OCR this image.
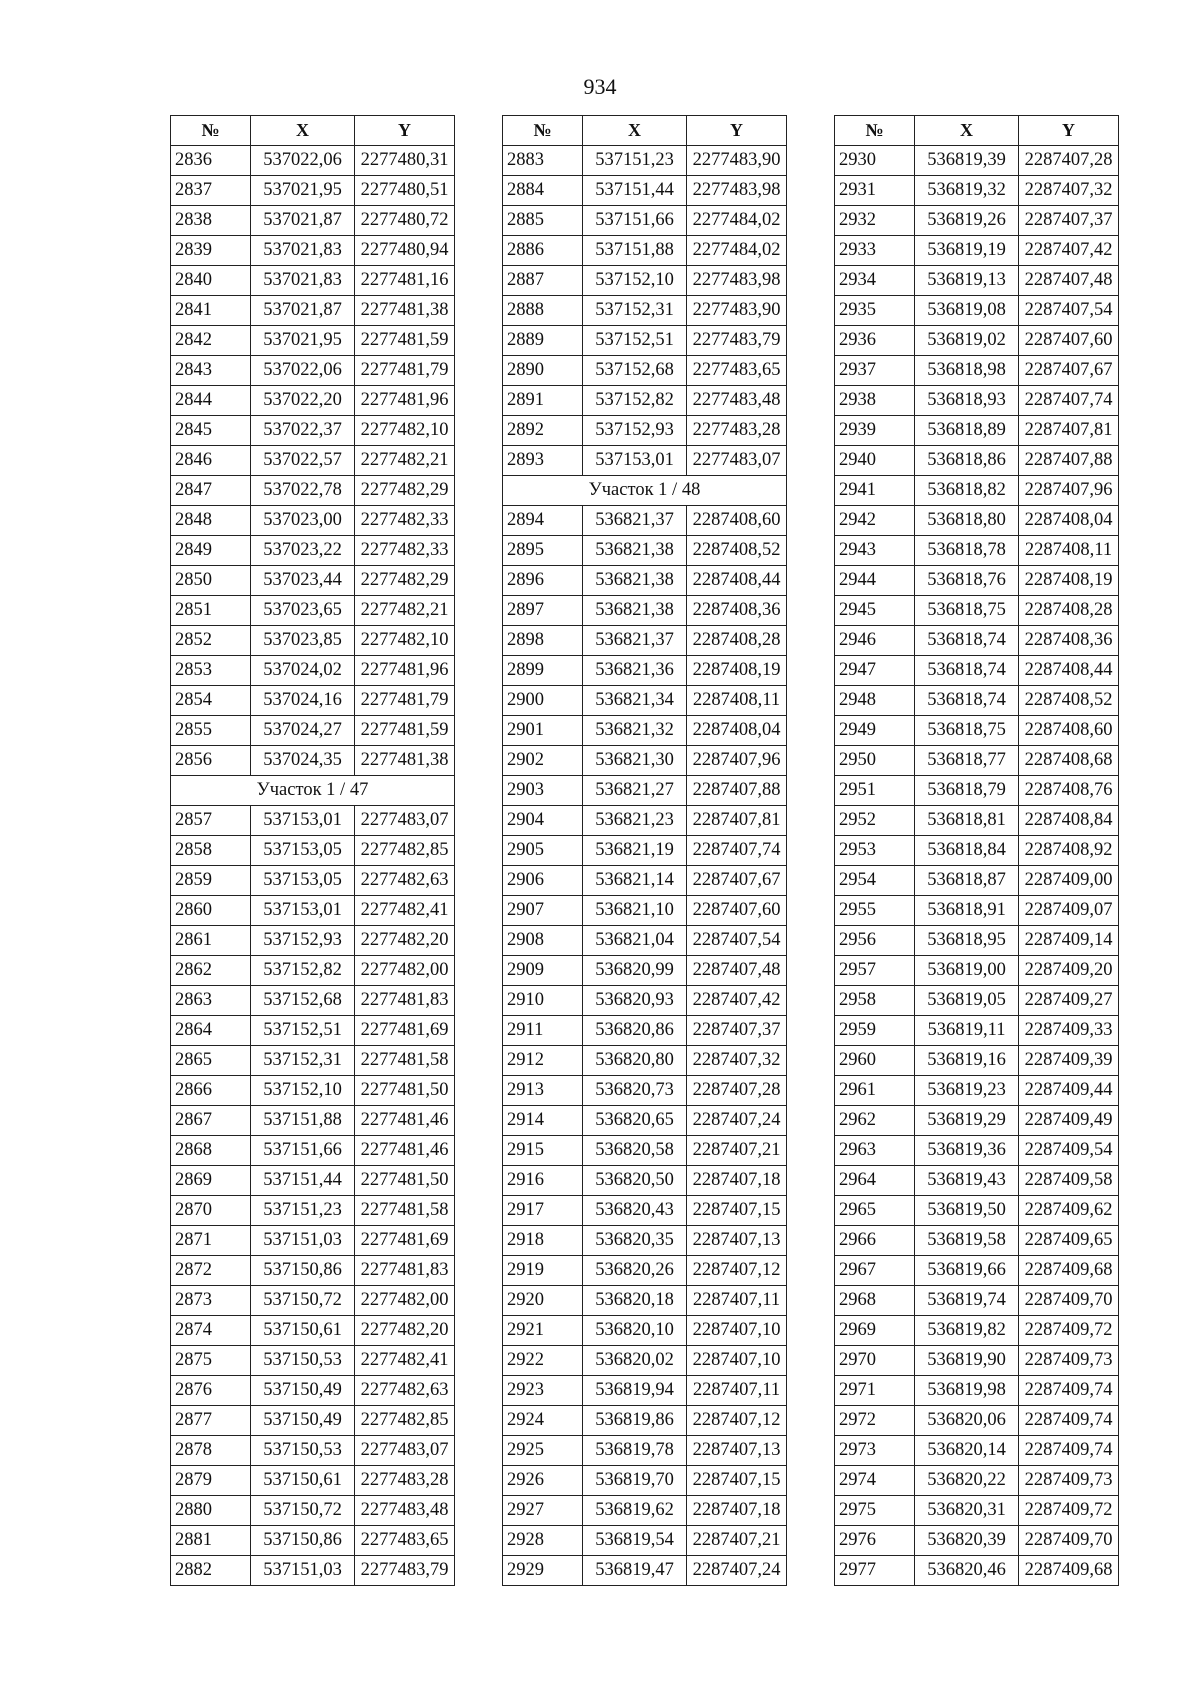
934
№	X	Y
2836	537022,06	2277480,31
2837	537021,95	2277480,51
2838	537021,87	2277480,72
2839	537021,83	2277480,94
2840	537021,83	2277481,16
2841	537021,87	2277481,38
2842	537021,95	2277481,59
2843	537022,06	2277481,79
2844	537022,20	2277481,96
2845	537022,37	2277482,10
2846	537022,57	2277482,21
2847	537022,78	2277482,29
2848	537023,00	2277482,33
2849	537023,22	2277482,33
2850	537023,44	2277482,29
2851	537023,65	2277482,21
2852	537023,85	2277482,10
2853	537024,02	2277481,96
2854	537024,16	2277481,79
2855	537024,27	2277481,59
2856	537024,35	2277481,38
Участок 1 / 47		
2857	537153,01	2277483,07
2858	537153,05	2277482,85
2859	537153,05	2277482,63
2860	537153,01	2277482,41
2861	537152,93	2277482,20
2862	537152,82	2277482,00
2863	537152,68	2277481,83
2864	537152,51	2277481,69
2865	537152,31	2277481,58
2866	537152,10	2277481,50
2867	537151,88	2277481,46
2868	537151,66	2277481,46
2869	537151,44	2277481,50
2870	537151,23	2277481,58
2871	537151,03	2277481,69
2872	537150,86	2277481,83
2873	537150,72	2277482,00
2874	537150,61	2277482,20
2875	537150,53	2277482,41
2876	537150,49	2277482,63
2877	537150,49	2277482,85
2878	537150,53	2277483,07
2879	537150,61	2277483,28
2880	537150,72	2277483,48
2881	537150,86	2277483,65
2882	537151,03	2277483,79
№	X	Y
2883	537151,23	2277483,90
2884	537151,44	2277483,98
2885	537151,66	2277484,02
2886	537151,88	2277484,02
2887	537152,10	2277483,98
2888	537152,31	2277483,90
2889	537152,51	2277483,79
2890	537152,68	2277483,65
2891	537152,82	2277483,48
2892	537152,93	2277483,28
2893	537153,01	2277483,07
Участок 1 / 48		
2894	536821,37	2287408,60
2895	536821,38	2287408,52
2896	536821,38	2287408,44
2897	536821,38	2287408,36
2898	536821,37	2287408,28
2899	536821,36	2287408,19
2900	536821,34	2287408,11
2901	536821,32	2287408,04
2902	536821,30	2287407,96
2903	536821,27	2287407,88
2904	536821,23	2287407,81
2905	536821,19	2287407,74
2906	536821,14	2287407,67
2907	536821,10	2287407,60
2908	536821,04	2287407,54
2909	536820,99	2287407,48
2910	536820,93	2287407,42
2911	536820,86	2287407,37
2912	536820,80	2287407,32
2913	536820,73	2287407,28
2914	536820,65	2287407,24
2915	536820,58	2287407,21
2916	536820,50	2287407,18
2917	536820,43	2287407,15
2918	536820,35	2287407,13
2919	536820,26	2287407,12
2920	536820,18	2287407,11
2921	536820,10	2287407,10
2922	536820,02	2287407,10
2923	536819,94	2287407,11
2924	536819,86	2287407,12
2925	536819,78	2287407,13
2926	536819,70	2287407,15
2927	536819,62	2287407,18
2928	536819,54	2287407,21
2929	536819,47	2287407,24
№	X	Y
2930	536819,39	2287407,28
2931	536819,32	2287407,32
2932	536819,26	2287407,37
2933	536819,19	2287407,42
2934	536819,13	2287407,48
2935	536819,08	2287407,54
2936	536819,02	2287407,60
2937	536818,98	2287407,67
2938	536818,93	2287407,74
2939	536818,89	2287407,81
2940	536818,86	2287407,88
2941	536818,82	2287407,96
2942	536818,80	2287408,04
2943	536818,78	2287408,11
2944	536818,76	2287408,19
2945	536818,75	2287408,28
2946	536818,74	2287408,36
2947	536818,74	2287408,44
2948	536818,74	2287408,52
2949	536818,75	2287408,60
2950	536818,77	2287408,68
2951	536818,79	2287408,76
2952	536818,81	2287408,84
2953	536818,84	2287408,92
2954	536818,87	2287409,00
2955	536818,91	2287409,07
2956	536818,95	2287409,14
2957	536819,00	2287409,20
2958	536819,05	2287409,27
2959	536819,11	2287409,33
2960	536819,16	2287409,39
2961	536819,23	2287409,44
2962	536819,29	2287409,49
2963	536819,36	2287409,54
2964	536819,43	2287409,58
2965	536819,50	2287409,62
2966	536819,58	2287409,65
2967	536819,66	2287409,68
2968	536819,74	2287409,70
2969	536819,82	2287409,72
2970	536819,90	2287409,73
2971	536819,98	2287409,74
2972	536820,06	2287409,74
2973	536820,14	2287409,74
2974	536820,22	2287409,73
2975	536820,31	2287409,72
2976	536820,39	2287409,70
2977	536820,46	2287409,68
